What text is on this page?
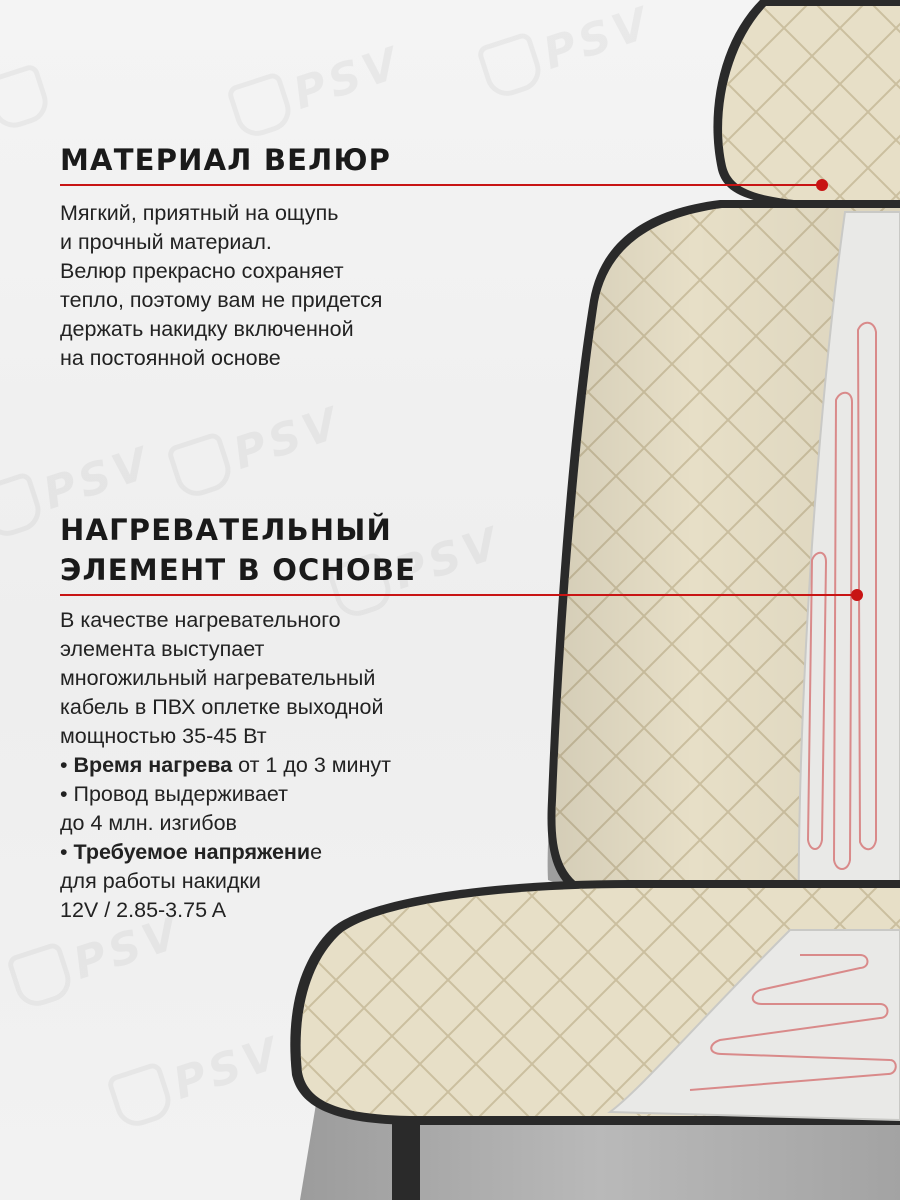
МАТЕРИАЛ ВЕЛЮР

Мягкий, приятный на ощупь

и прочный материал.

Велюр прекрасно сохраняет

тепло, поэтому вам не придется

держать накидку включенной

на постоянной основе

НАГРЕВАТЕЛЬНЫЙ
ЭЛЕМЕНТ В ОСНОВЕ

В качестве нагревательного

элемента выступает

многожильный нагревательный

кабель в ПВХ оплетке выходной

мощностью 35-45 Вт

• Время нагрева от 1 до 3 минут

• Провод выдерживает

до 4 млн. изгибов

• Требуемое напряжение

для работы накидки

12V / 2.85-3.75 A
